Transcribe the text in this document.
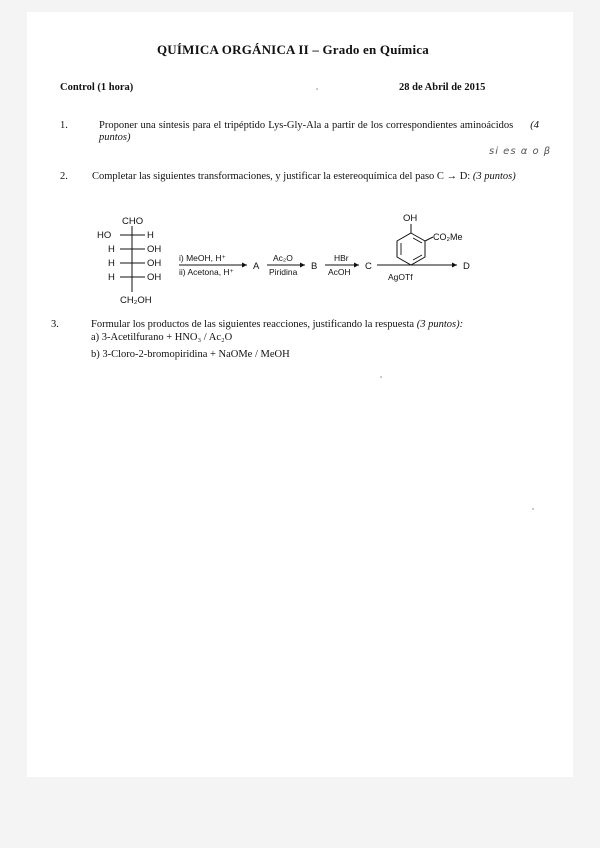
QUÍMICA ORGÁNICA II – Grado en Química
Control (1 hora)	28 de Abril de 2015
1.	Proponer una síntesis para el tripéptido Lys-Gly-Ala a partir de los correspondientes aminoácidos (4 puntos)
si es α o β
2. Completar las siguientes transformaciones, y justificar la estereoquímica del paso C → D: (3 puntos)
CHO
HO	H
H	OH
H	OH
H	OH
CH₂OH
i) MeOH, H⁺
ii) Acetona, H⁺ A
Ac₂O
Piridina B
HBr
AcOH C
OH
CO₂Me
AgOTf
D
3.	Formular los productos de las siguientes reacciones, justificando la respuesta (3 puntos):
a) 3-Acetilfurano + HNO₃ / Ac₂O
b) 3-Cloro-2-bromopiridina + NaOMe / MeOH
